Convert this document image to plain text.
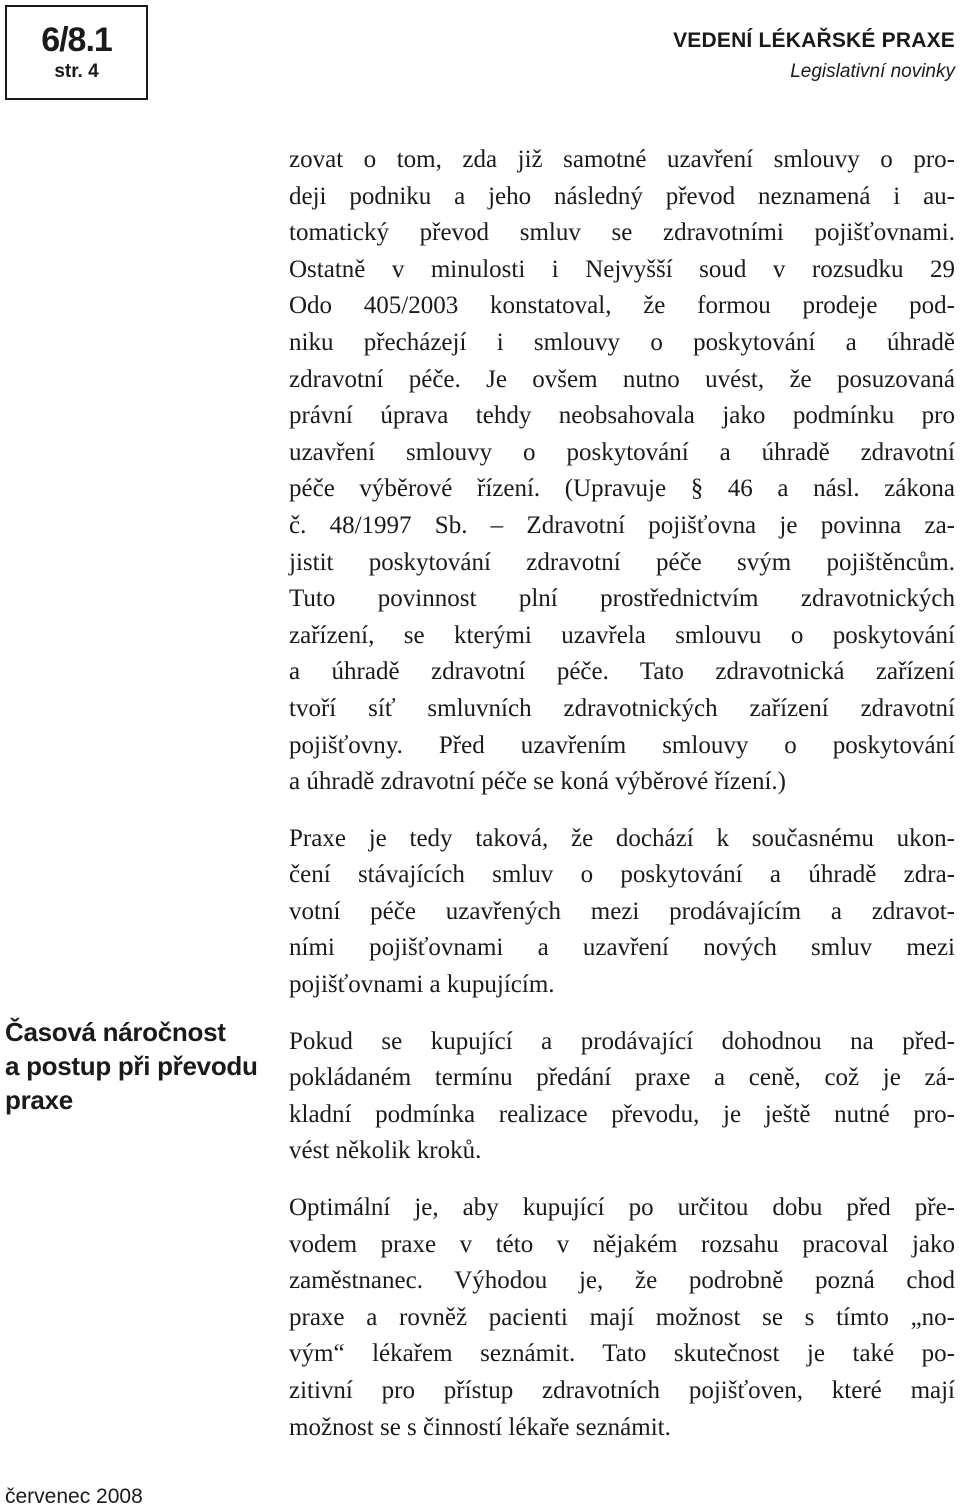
6/8.1
str. 4
VEDENÍ LÉKAŘSKÉ PRAXE
Legislativní novinky

zovat o tom, zda již samotné uzavření smlouvy o pro-
deji podniku a jeho následný převod neznamená i au-
tomatický převod smluv se zdravotními pojišťovnami.
Ostatně v minulosti i Nejvyšší soud v rozsudku 29
Odo 405/2003 konstatoval, že formou prodeje pod-
niku přecházejí i smlouvy o poskytování a úhradě
zdravotní péče. Je ovšem nutno uvést, že posuzovaná
právní úprava tehdy neobsahovala jako podmínku pro
uzavření smlouvy o poskytování a úhradě zdravotní
péče výběrové řízení. (Upravuje § 46 a násl. zákona
č. 48/1997 Sb. – Zdravotní pojišťovna je povinna za-
jistit poskytování zdravotní péče svým pojištěncům.
Tuto povinnost plní prostřednictvím zdravotnických
zařízení, se kterými uzavřela smlouvu o poskytování
a úhradě zdravotní péče. Tato zdravotnická zařízení
tvoří síť smluvních zdravotnických zařízení zdravotní
pojišťovny. Před uzavřením smlouvy o poskytování
a úhradě zdravotní péče se koná výběrové řízení.)

Praxe je tedy taková, že dochází k současnému ukon-
čení stávajících smluv o poskytování a úhradě zdra-
votní péče uzavřených mezi prodávajícím a zdravot-
ními pojišťovnami a uzavření nových smluv mezi
pojišťovnami a kupujícím.

Pokud se kupující a prodávající dohodnou na před-
pokládaném termínu předání praxe a ceně, což je zá-
kladní podmínka realizace převodu, je ještě nutné pro-
vést několik kroků.

Optimální je, aby kupující po určitou dobu před pře-
vodem praxe v této v nějakém rozsahu pracoval jako
zaměstnanec. Výhodou je, že podrobně pozná chod
praxe a rovněž pacienti mají možnost se s tímto „no-
vým“ lékařem seznámit. Tato skutečnost je také po-
zitivní pro přístup zdravotních pojišťoven, které mají
možnost se s činností lékaře seznámit.

Časová náročnost
a postup při převodu
praxe
červenec 2008
